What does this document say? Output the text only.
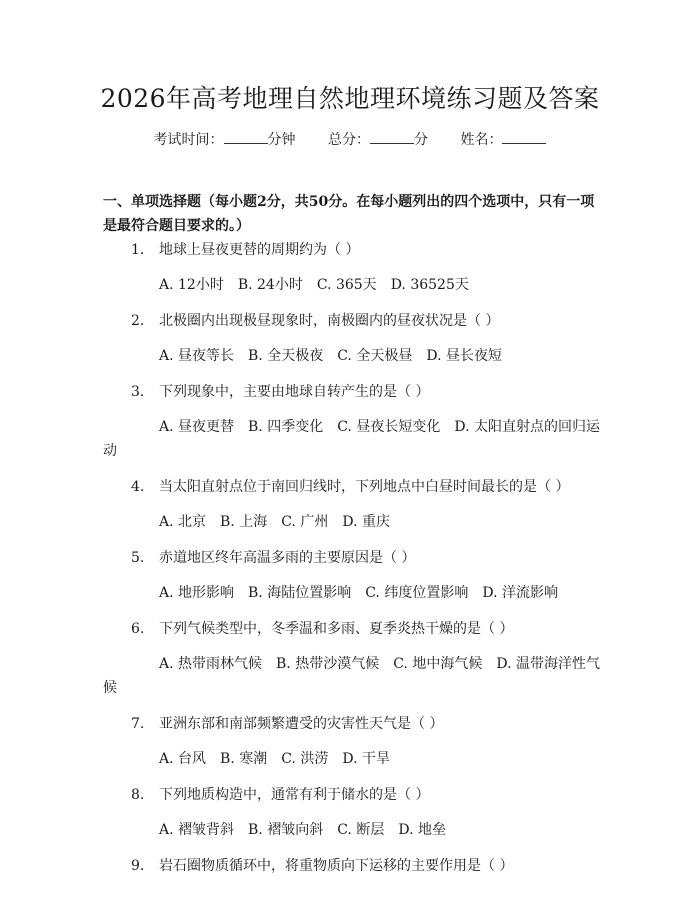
2026年高考地理自然地理环境练习题及答案
考试时间：	分钟 总分：	分 姓名：
一、单项选择题（每小题2分，共50分。在每小题列出的四个选项中，只有一项是最符合题目要求的。）
1.	地球上昼夜更替的周期约为（ ）
A. 12小时 B. 24小时 C. 365天 D. 36525天
2.	北极圈内出现极昼现象时，南极圈内的昼夜状况是（ ）
A. 昼夜等长 B. 全天极夜 C. 全天极昼 D. 昼长夜短
3.	下列现象中，主要由地球自转产生的是（ ）
A. 昼夜更替 B. 四季变化 C. 昼夜长短变化 D. 太阳直射点的回归运动
4.	当太阳直射点位于南回归线时，下列地点中白昼时间最长的是（ ）
A. 北京 B. 上海 C. 广州 D. 重庆
5.	赤道地区终年高温多雨的主要原因是（ ）
A. 地形影响 B. 海陆位置影响 C. 纬度位置影响 D. 洋流影响
6.	下列气候类型中，冬季温和多雨、夏季炎热干燥的是（ ）
A. 热带雨林气候 B. 热带沙漠气候 C. 地中海气候 D. 温带海洋性气候
7.	亚洲东部和南部频繁遭受的灾害性天气是（ ）
A. 台风 B. 寒潮 C. 洪涝 D. 干旱
8.	下列地质构造中，通常有利于储水的是（ ）
A. 褶皱背斜 B. 褶皱向斜 C. 断层 D. 地垒
9.	岩石圈物质循环中，将重物质向下运移的主要作用是（ ）
